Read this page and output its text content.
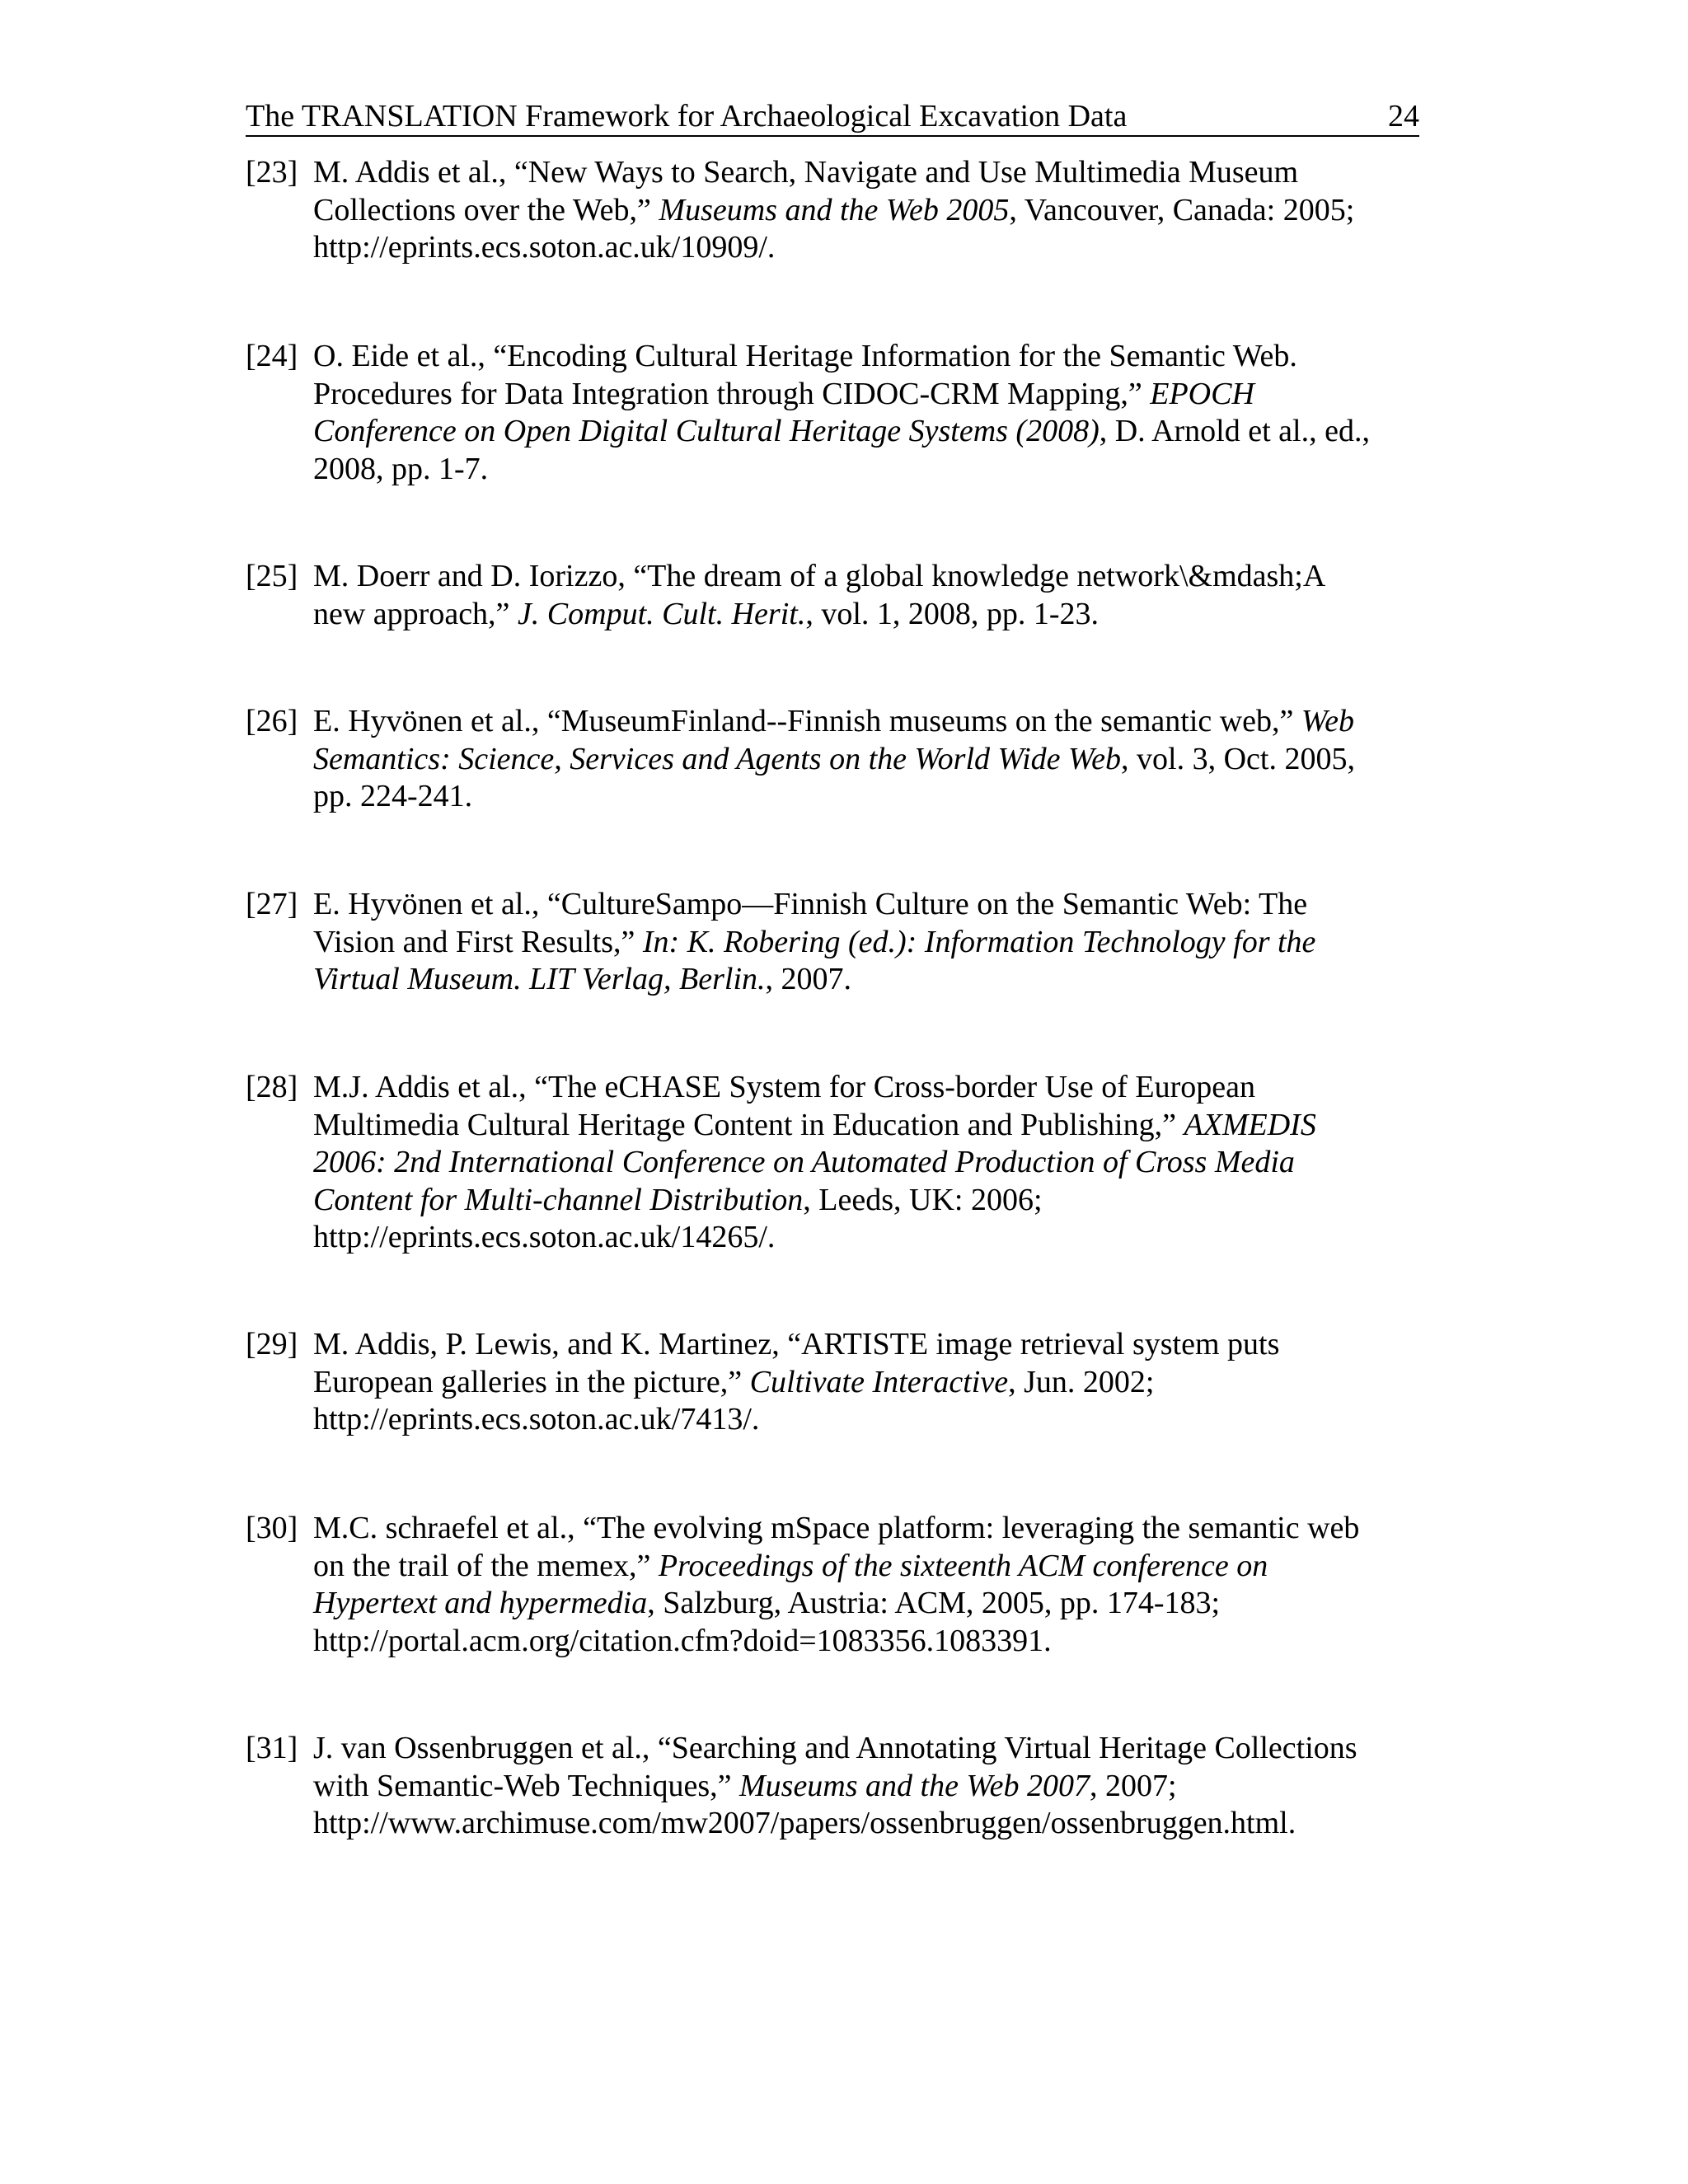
The TRANSLATION Framework for Archaeological Excavation Data	24
[23] M. Addis et al., “New Ways to Search, Navigate and Use Multimedia Museum
Collections over the Web,” Museums and the Web 2005, Vancouver, Canada: 2005;
http://eprints.ecs.soton.ac.uk/10909/.
[24] O. Eide et al., “Encoding Cultural Heritage Information for the Semantic Web.
Procedures for Data Integration through CIDOC-CRM Mapping,” EPOCH
Conference on Open Digital Cultural Heritage Systems (2008), D. Arnold et al., ed.,
2008, pp. 1-7.
[25] M. Doerr and D. Iorizzo, “The dream of a global knowledge network\&mdash;A
new approach,” J. Comput. Cult. Herit., vol. 1, 2008, pp. 1-23.
[26] E. Hyvönen et al., “MuseumFinland--Finnish museums on the semantic web,” Web
Semantics: Science, Services and Agents on the World Wide Web, vol. 3, Oct. 2005,
pp. 224-241.
[27] E. Hyvönen et al., “CultureSampo―Finnish Culture on the Semantic Web: The
Vision and First Results,” In: K. Robering (ed.): Information Technology for the
Virtual Museum. LIT Verlag, Berlin., 2007.
[28] M.J. Addis et al., “The eCHASE System for Cross-border Use of European
Multimedia Cultural Heritage Content in Education and Publishing,” AXMEDIS
2006: 2nd International Conference on Automated Production of Cross Media
Content for Multi-channel Distribution, Leeds, UK: 2006;
http://eprints.ecs.soton.ac.uk/14265/.
[29] M. Addis, P. Lewis, and K. Martinez, “ARTISTE image retrieval system puts
European galleries in the picture,” Cultivate Interactive, Jun. 2002;
http://eprints.ecs.soton.ac.uk/7413/.
[30] M.C. schraefel et al., “The evolving mSpace platform: leveraging the semantic web
on the trail of the memex,” Proceedings of the sixteenth ACM conference on
Hypertext and hypermedia, Salzburg, Austria: ACM, 2005, pp. 174-183;
http://portal.acm.org/citation.cfm?doid=1083356.1083391.
[31] J. van Ossenbruggen et al., “Searching and Annotating Virtual Heritage Collections
with Semantic-Web Techniques,” Museums and the Web 2007, 2007;
http://www.archimuse.com/mw2007/papers/ossenbruggen/ossenbruggen.html.
